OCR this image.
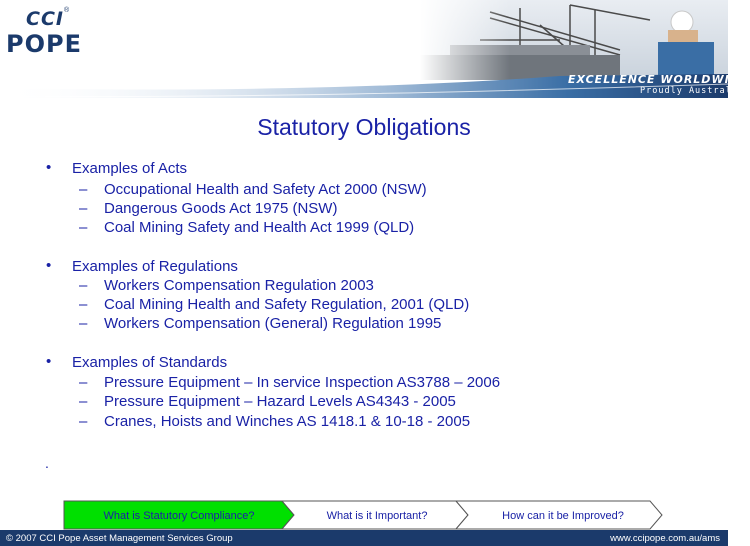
CCI ®
POPE
EXCELLENCE WORLDWIDE
Proudly Australian
Statutory Obligations
• Examples of Acts
– Occupational Health and Safety Act 2000 (NSW)
– Dangerous Goods Act 1975 (NSW)
– Coal Mining Safety and Health Act 1999 (QLD)
• Examples of Regulations
– Workers Compensation Regulation 2003
– Coal Mining Health and Safety Regulation, 2001 (QLD)
– Workers Compensation (General) Regulation 1995
• Examples of Standards
– Pressure Equipment – In service Inspection AS3788 – 2006
– Pressure Equipment – Hazard Levels AS4343 - 2005
– Cranes, Hoists and Winches AS 1418.1 & 10-18 - 2005
.
What is Statutory Compliance?	What is it Important?	How can it be Improved?
© 2007 CCI Pope Asset Management Services Group	www.ccipope.com.au/ams
